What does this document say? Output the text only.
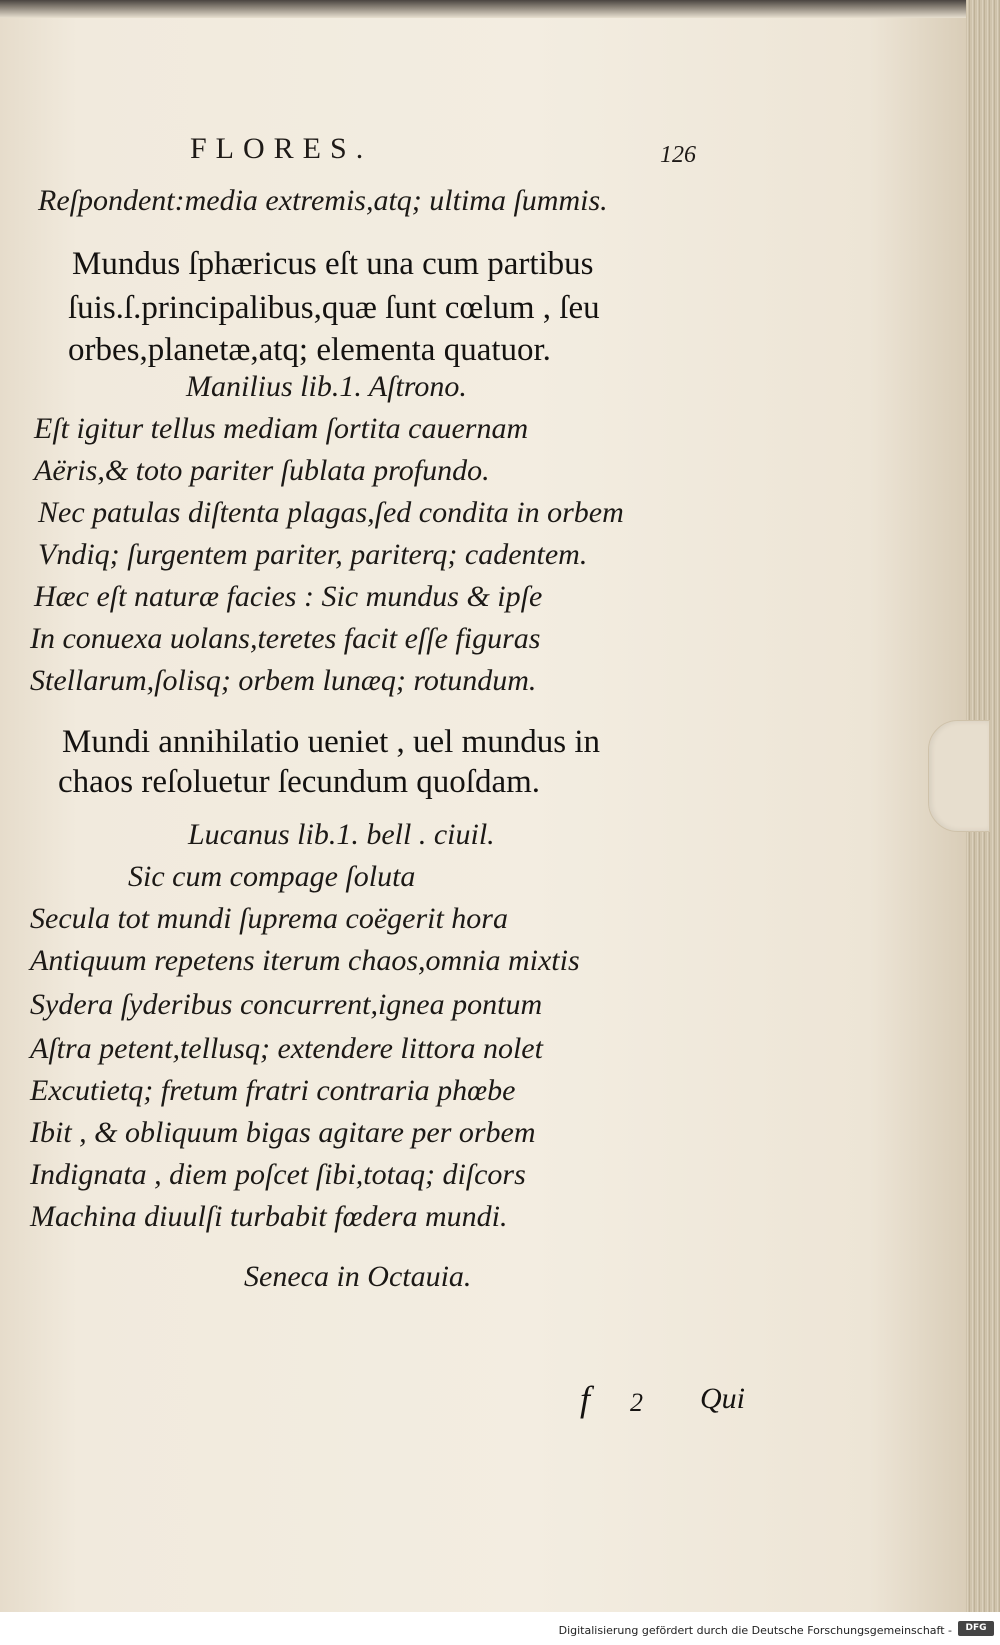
FLORES.	126
Reſpondent:media extremis,atq; ultima ſummis.
Mundus ſphæricus eſt una cum partibus
ſuis.ſ.principalibus,quæ ſunt cœlum , ſeu
orbes,planetæ,atq; elementa quatuor.
Manilius lib.1. Aſtrono.
Eſt igitur tellus mediam ſortita cauernam
Aëris,& toto pariter ſublata profundo.
Nec patulas diſtenta plagas,ſed condita in orbem
Vndiq; ſurgentem pariter, pariterq; cadentem.
Hæc eſt naturæ facies : Sic mundus & ipſe
In conuexa uolans,teretes facit eſſe figuras
Stellarum,ſolisq; orbem lunæq; rotundum.
Mundi annihilatio ueniet , uel mundus in
chaos reſoluetur ſecundum quoſdam.
Lucanus lib.1. bell . ciuil.
Sic cum compage ſoluta
Secula tot mundi ſuprema coëgerit hora
Antiquum repetens iterum chaos,omnia mixtis
Sydera ſyderibus concurrent,ignea pontum
Aſtra petent,tellusq; extendere littora nolet
Excutietq; fretum fratri contraria phœbe
Ibit , & obliquum bigas agitare per orbem
Indignata , diem poſcet ſibi,totaq; diſcors
Machina diuulſi turbabit fœdera mundi.
Seneca in Octauia.
f 2 Qui
Digitalisierung gefördert durch die Deutsche Forschungsgemeinschaft -	DFG
